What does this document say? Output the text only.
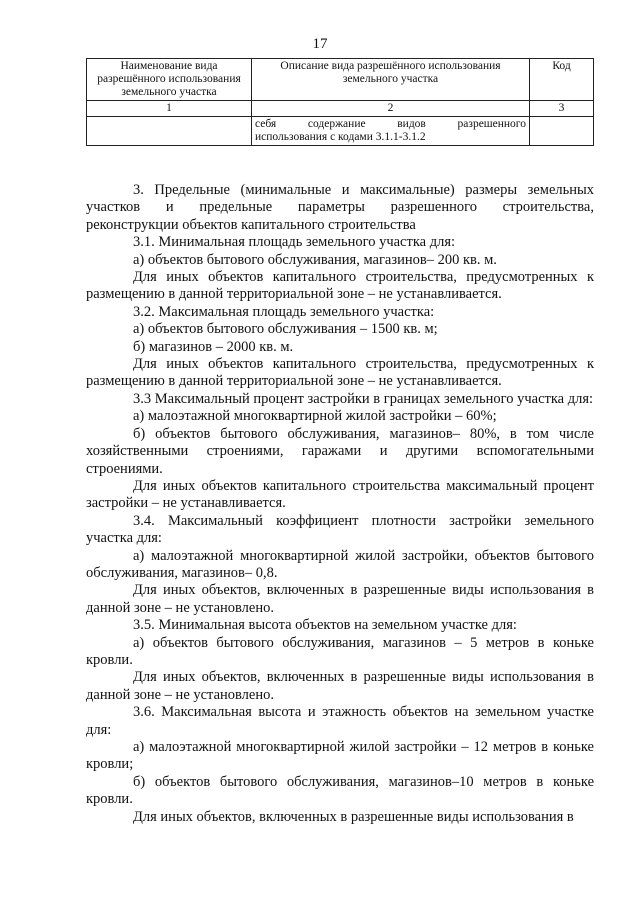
17
Наименование вида разрешённого использования земельного участка	Описание вида разрешённого использования земельного участка	Код
1	2	3

	себя содержание видов разрешенного
использования с кодами 3.1.1-3.1.2	

3. Предельные (минимальные и максимальные) размеры земельных

участков и предельные параметры разрешенного строительства,

реконструкции объектов капитального строительства

3.1. Минимальная площадь земельного участка для:

а) объектов бытового обслуживания, магазинов– 200 кв. м.

Для иных объектов капитального строительства, предусмотренных к размещению в данной территориальной зоне – не устанавливается.

3.2. Максимальная площадь земельного участка:

а) объектов бытового обслуживания – 1500 кв. м;

б) магазинов – 2000 кв. м.

Для иных объектов капитального строительства, предусмотренных к размещению в данной территориальной зоне – не устанавливается.

3.3 Максимальный процент застройки в границах земельного участка для:

а) малоэтажной многоквартирной жилой застройки – 60%;

б) объектов бытового обслуживания, магазинов– 80%, в том числе хозяйственными строениями, гаражами и другими вспомогательными строениями.

Для иных объектов капитального строительства максимальный процент застройки – не устанавливается.

3.4. Максимальный коэффициент плотности застройки земельного участка для:

а) малоэтажной многоквартирной жилой застройки, объектов бытового обслуживания, магазинов– 0,8.

Для иных объектов, включенных в разрешенные виды использования в данной зоне – не установлено.

3.5. Минимальная высота объектов на земельном участке для:

а) объектов бытового обслуживания, магазинов – 5 метров в коньке кровли.

Для иных объектов, включенных в разрешенные виды использования в данной зоне – не установлено.

3.6. Максимальная высота и этажность объектов на земельном участке для:

а) малоэтажной многоквартирной жилой застройки – 12 метров в коньке кровли;

б) объектов бытового обслуживания, магазинов–10 метров в коньке кровли.

Для иных объектов, включенных в разрешенные виды использования в
